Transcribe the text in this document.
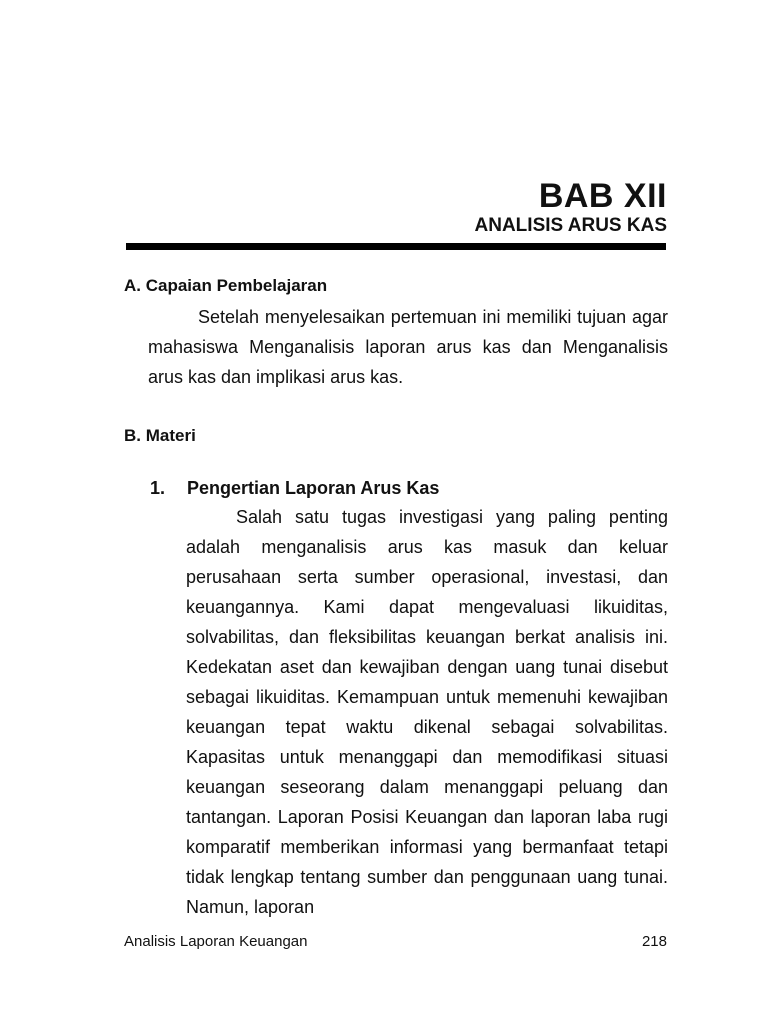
BAB XII
ANALISIS ARUS KAS
A. Capaian Pembelajaran

Setelah menyelesaikan pertemuan ini memiliki tujuan agar mahasiswa Menganalisis laporan arus kas dan Menganalisis arus kas dan implikasi arus kas.

B. Materi
1. Pengertian Laporan Arus Kas

Salah satu tugas investigasi yang paling penting adalah menganalisis arus kas masuk dan keluar perusahaan serta sumber operasional, investasi, dan keuangannya. Kami dapat mengevaluasi likuiditas, solvabilitas, dan fleksibilitas keuangan berkat analisis ini. Kedekatan aset dan kewajiban dengan uang tunai disebut sebagai likuiditas. Kemampuan untuk memenuhi kewajiban keuangan tepat waktu dikenal sebagai solvabilitas. Kapasitas untuk menanggapi dan memodifikasi situasi keuangan seseorang dalam menanggapi peluang dan tantangan. Laporan Posisi Keuangan dan laporan laba rugi komparatif memberikan informasi yang bermanfaat tetapi tidak lengkap tentang sumber dan penggunaan uang tunai. Namun, laporan

Analisis Laporan Keuangan	218
